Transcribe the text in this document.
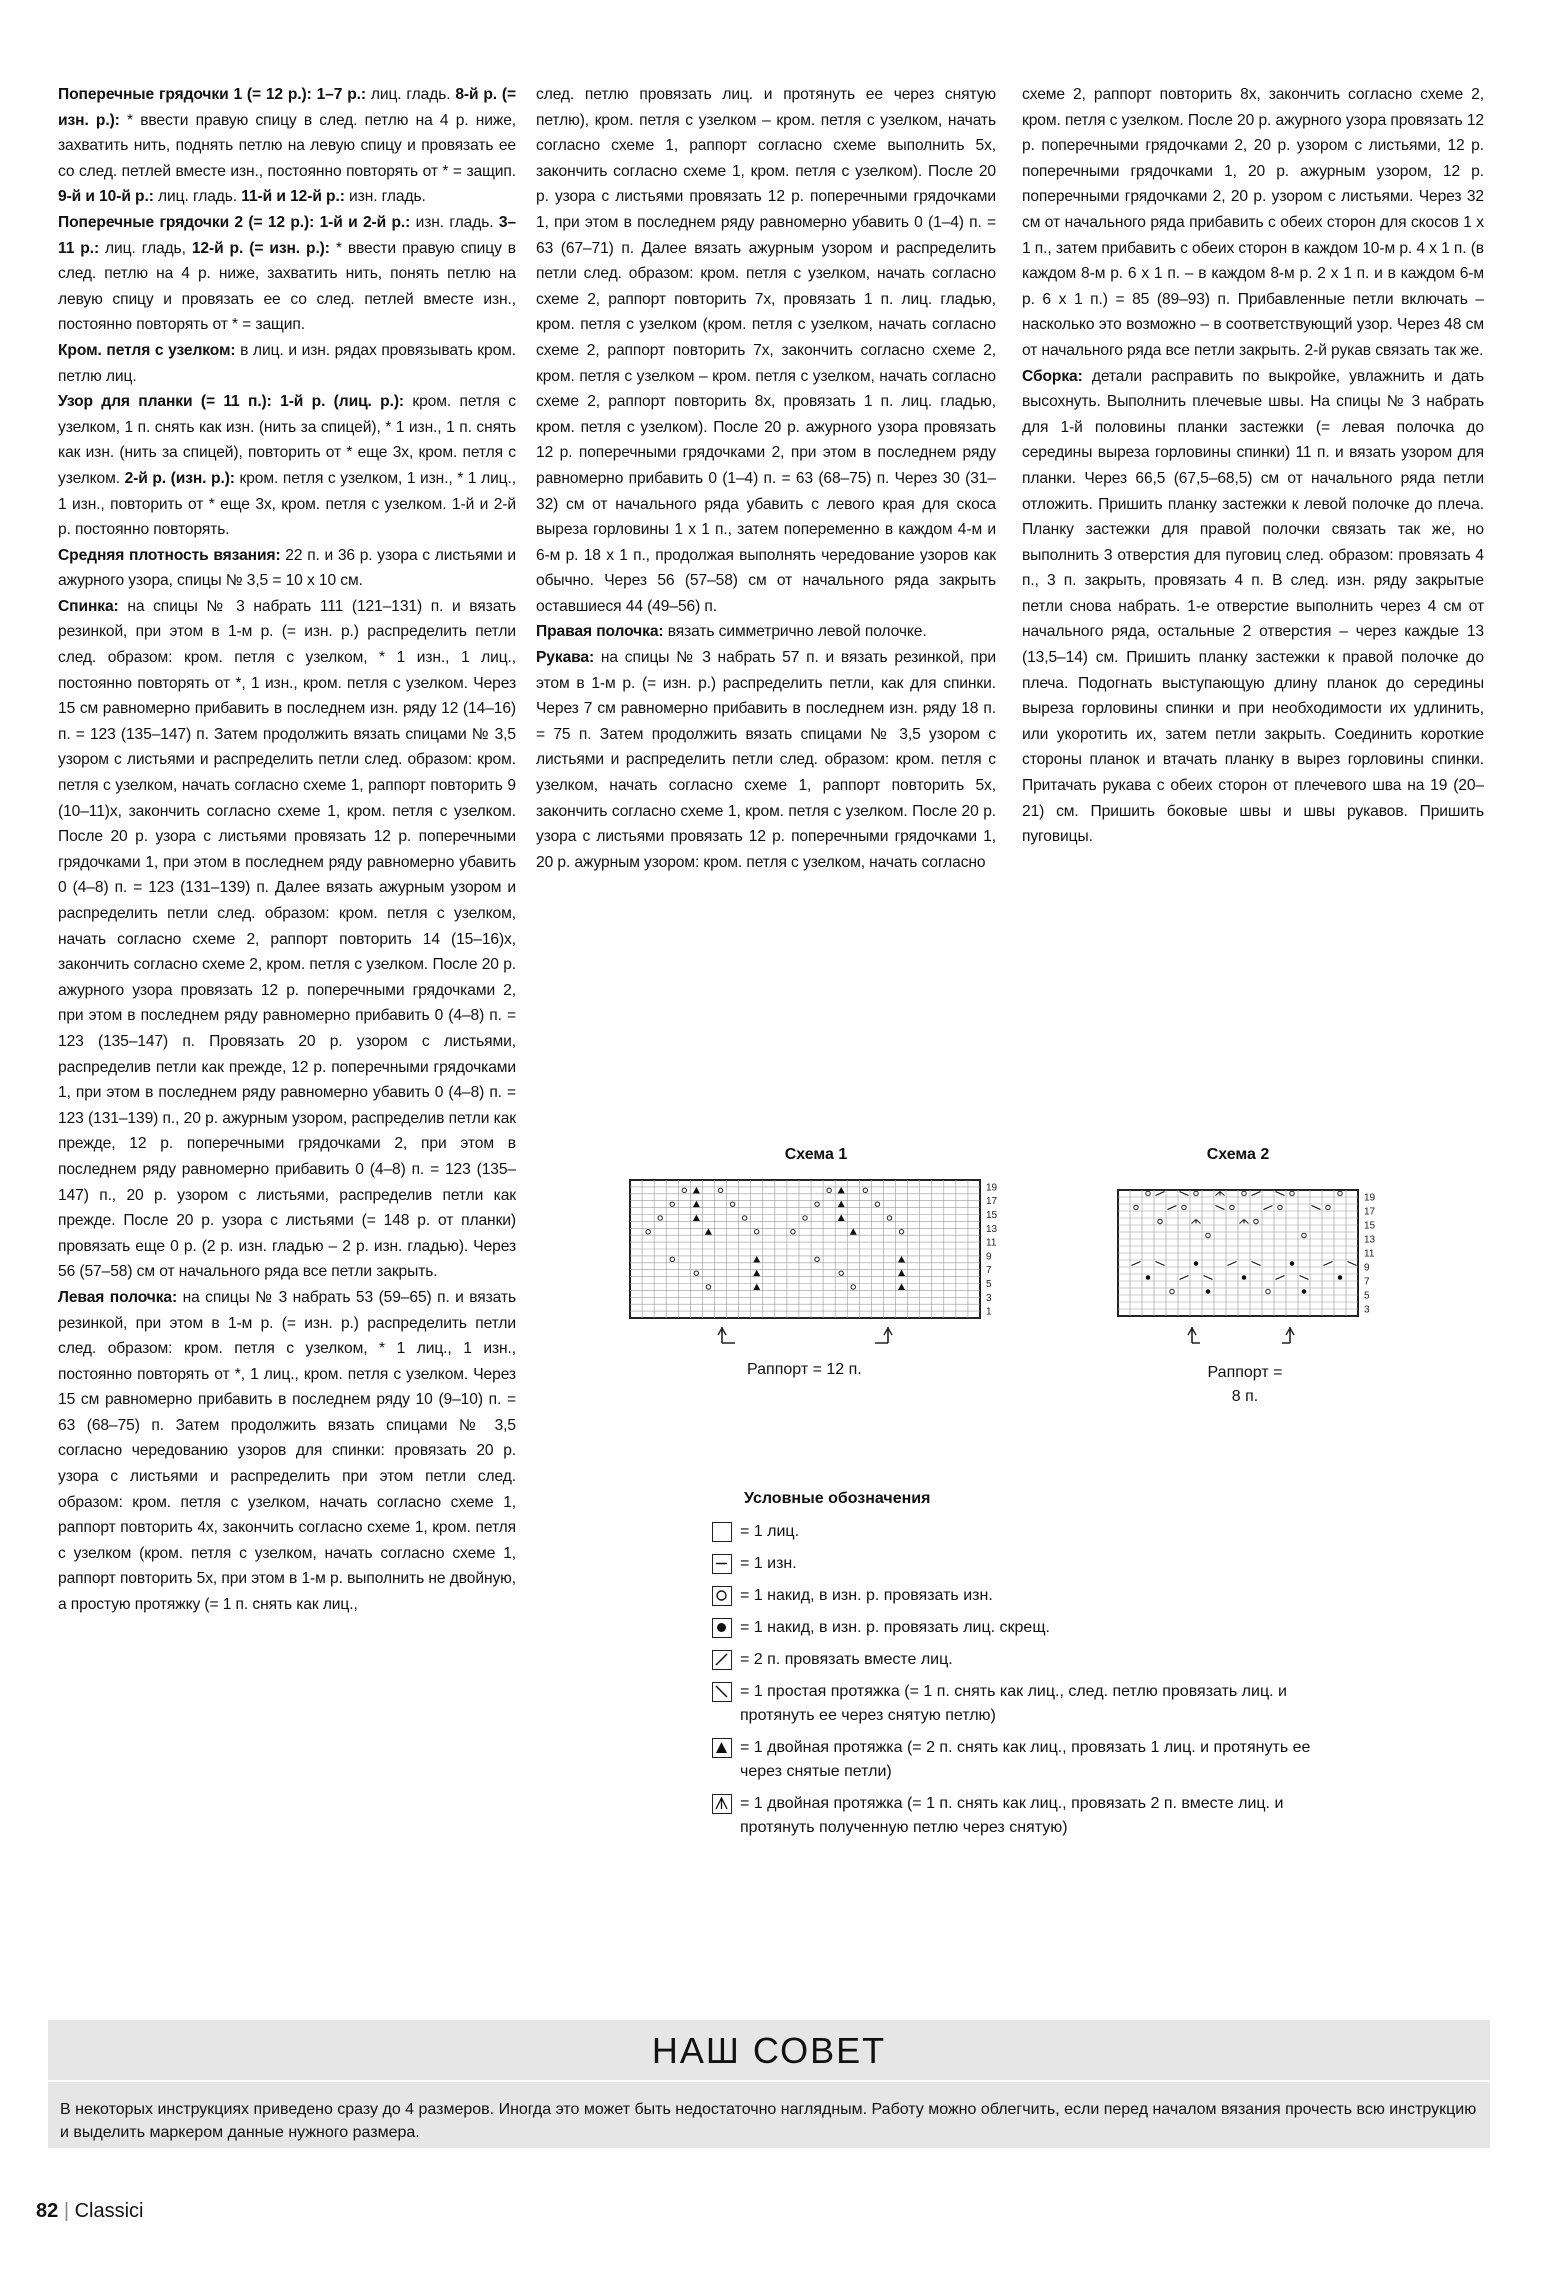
Поперечные грядочки 1 (= 12 р.): 1–7 р.: лиц. гладь. 8-й р. (= изн. р.): * ввести правую спицу в след. петлю на 4 р. ниже, захватить нить, поднять петлю на левую спицу и провязать ее со след. петлей вместе изн., постоянно повторять от * = защип. 9-й и 10-й р.: лиц. гладь. 11-й и 12-й р.: изн. гладь.

Поперечные грядочки 2 (= 12 р.): 1-й и 2-й р.: изн. гладь. 3–11 р.: лиц. гладь, 12-й р. (= изн. р.): * ввести правую спицу в след. петлю на 4 р. ниже, захватить нить, понять петлю на левую спицу и провязать ее со след. петлей вместе изн., постоянно повторять от * = защип.

Кром. петля с узелком: в лиц. и изн. рядах провязывать кром. петлю лиц.

Узор для планки (= 11 п.): 1-й р. (лиц. р.): кром. петля с узелком, 1 п. снять как изн. (нить за спицей), * 1 изн., 1 п. снять как изн. (нить за спицей), повторить от * еще 3х, кром. петля с узелком. 2-й р. (изн. р.): кром. петля с узелком, 1 изн., * 1 лиц., 1 изн., повторить от * еще 3х, кром. петля с узелком. 1-й и 2-й р. постоянно повторять.

Средняя плотность вязания: 22 п. и 36 р. узора с листьями и ажурного узора, спицы № 3,5 = 10 х 10 см.

Спинка: на спицы № 3 набрать 111 (121–131) п. и вязать резинкой, при этом в 1-м р. (= изн. р.) распределить петли след. образом: кром. петля с узелком, * 1 изн., 1 лиц., постоянно повторять от *, 1 изн., кром. петля с узелком. Через 15 см равномерно прибавить в последнем изн. ряду 12 (14–16) п. = 123 (135–147) п. Затем продолжить вязать спицами № 3,5 узором с листьями и распределить петли след. образом: кром. петля с узелком, начать согласно схеме 1, раппорт повторить 9 (10–11)х, закончить согласно схеме 1, кром. петля с узелком. После 20 р. узора с листьями провязать 12 р. поперечными грядочками 1, при этом в последнем ряду равномерно убавить 0 (4–8) п. = 123 (131–139) п. Далее вязать ажурным узором и распределить петли след. образом: кром. петля с узелком, начать согласно схеме 2, раппорт повторить 14 (15–16)х, закончить согласно схеме 2, кром. петля с узелком. После 20 р. ажурного узора провязать 12 р. поперечными грядочками 2, при этом в последнем ряду равномерно прибавить 0 (4–8) п. = 123 (135–147) п. Провязать 20 р. узором с листьями, распределив петли как прежде, 12 р. поперечными грядочками 1, при этом в последнем ряду равномерно убавить 0 (4–8) п. = 123 (131–139) п., 20 р. ажурным узором, распределив петли как прежде, 12 р. поперечными грядочками 2, при этом в последнем ряду равномерно прибавить 0 (4–8) п. = 123 (135–147) п., 20 р. узором с листьями, распределив петли как прежде. После 20 р. узора с листьями (= 148 р. от планки) провязать еще 0 р. (2 р. изн. гладью – 2 р. изн. гладью). Через 56 (57–58) см от начального ряда все петли закрыть.

Левая полочка: на спицы № 3 набрать 53 (59–65) п. и вязать резинкой, при этом в 1-м р. (= изн. р.) распределить петли след. образом: кром. петля с узелком, * 1 лиц., 1 изн., постоянно повторять от *, 1 лиц., кром. петля с узелком. Через 15 см равномерно прибавить в последнем ряду 10 (9–10) п. = 63 (68–75) п. Затем продолжить вязать спицами № 3,5 согласно чередованию узоров для спинки: провязать 20 р. узора с листьями и распределить при этом петли след. образом: кром. петля с узелком, начать согласно схеме 1, раппорт повторить 4х, закончить согласно схеме 1, кром. петля с узелком (кром. петля с узелком, начать согласно схеме 1, раппорт повторить 5х, при этом в 1-м р. выполнить не двойную, а простую протяжку (= 1 п. снять как лиц.,

след. петлю провязать лиц. и протянуть ее через снятую петлю), кром. петля с узелком – кром. петля с узелком, начать согласно схеме 1, раппорт согласно схеме выполнить 5х, закончить согласно схеме 1, кром. петля с узелком). После 20 р. узора с листьями провязать 12 р. поперечными грядочками 1, при этом в последнем ряду равномерно убавить 0 (1–4) п. = 63 (67–71) п. Далее вязать ажурным узором и распределить петли след. образом: кром. петля с узелком, начать согласно схеме 2, раппорт повторить 7х, провязать 1 п. лиц. гладью, кром. петля с узелком (кром. петля с узелком, начать согласно схеме 2, раппорт повторить 7х, закончить согласно схеме 2, кром. петля с узелком – кром. петля с узелком, начать согласно схеме 2, раппорт повторить 8х, провязать 1 п. лиц. гладью, кром. петля с узелком). После 20 р. ажурного узора провязать 12 р. поперечными грядочками 2, при этом в последнем ряду равномерно прибавить 0 (1–4) п. = 63 (68–75) п. Через 30 (31–32) см от начального ряда убавить с левого края для скоса выреза горловины 1 х 1 п., затем попеременно в каждом 4-м и 6-м р. 18 х 1 п., продолжая выполнять чередование узоров как обычно. Через 56 (57–58) см от начального ряда закрыть оставшиеся 44 (49–56) п.

Правая полочка: вязать симметрично левой полочке.

Рукава: на спицы № 3 набрать 57 п. и вязать резинкой, при этом в 1-м р. (= изн. р.) распределить петли, как для спинки. Через 7 см равномерно прибавить в последнем изн. ряду 18 п. = 75 п. Затем продолжить вязать спицами № 3,5 узором с листьями и распределить петли след. образом: кром. петля с узелком, начать согласно схеме 1, раппорт повторить 5х, закончить согласно схеме 1, кром. петля с узелком. После 20 р. узора с листьями провязать 12 р. поперечными грядочками 1, 20 р. ажурным узором: кром. петля с узелком, начать согласно

схеме 2, раппорт повторить 8х, закончить согласно схеме 2, кром. петля с узелком. После 20 р. ажурного узора провязать 12 р. поперечными грядочками 2, 20 р. узором с листьями, 12 р. поперечными грядочками 1, 20 р. ажурным узором, 12 р. поперечными грядочками 2, 20 р. узором с листьями. Через 32 см от начального ряда прибавить с обеих сторон для скосов 1 х 1 п., затем прибавить с обеих сторон в каждом 10-м р. 4 х 1 п. (в каждом 8-м р. 6 х 1 п. – в каждом 8-м р. 2 х 1 п. и в каждом 6-м р. 6 х 1 п.) = 85 (89–93) п. Прибавленные петли включать – насколько это возможно – в соответствующий узор. Через 48 см от начального ряда все петли закрыть. 2-й рукав связать так же.

Сборка: детали расправить по выкройке, увлажнить и дать высохнуть. Выполнить плечевые швы. На спицы № 3 набрать для 1-й половины планки застежки (= левая полочка до середины выреза горловины спинки) 11 п. и вязать узором для планки. Через 66,5 (67,5–68,5) см от начального ряда петли отложить. Пришить планку застежки к левой полочке до плеча. Планку застежки для правой полочки связать так же, но выполнить 3 отверстия для пуговиц след. образом: провязать 4 п., 3 п. закрыть, провязать 4 п. В след. изн. ряду закрытые петли снова набрать. 1-е отверстие выполнить через 4 см от начального ряда, остальные 2 отверстия – через каждые 13 (13,5–14) см. Пришить планку застежки к правой полочке до плеча. Подогнать выступающую длину планок до середины выреза горловины спинки и при необходимости их удлинить, или укоротить их, затем петли закрыть. Соединить короткие стороны планок и втачать планку в вырез горловины спинки. Притачать рукава с обеих сторон от плечевого шва на 19 (20–21) см. Пришить боковые швы и швы рукавов. Пришить пуговицы.

Схема 1
19
17
15
13
11
9
7
5
3
1
Раппорт = 12 п.
Схема 2
19
17
15
13
11
9
7
5
3
Раппорт =
8 п.
Условные обозначения
= 1 лиц.
= 1 изн.
= 1 накид, в изн. р. провязать изн.
= 1 накид, в изн. р. провязать лиц. скрещ.
= 2 п. провязать вместе лиц.
= 1 простая протяжка (= 1 п. снять как лиц., след. петлю провязать лиц. и протянуть ее через снятую петлю)
= 1 двойная протяжка (= 2 п. снять как лиц., провязать 1 лиц. и протянуть ее через снятые петли)
= 1 двойная протяжка (= 1 п. снять как лиц., провязать 2 п. вместе лиц. и протянуть полученную петлю через снятую)
НАШ СОВЕТ
В некоторых инструкциях приведено сразу до 4 размеров. Иногда это может быть недостаточно наглядным. Работу можно облегчить, если перед началом вязания прочесть всю инструкцию и выделить маркером данные нужного размера.
82 | Classici
